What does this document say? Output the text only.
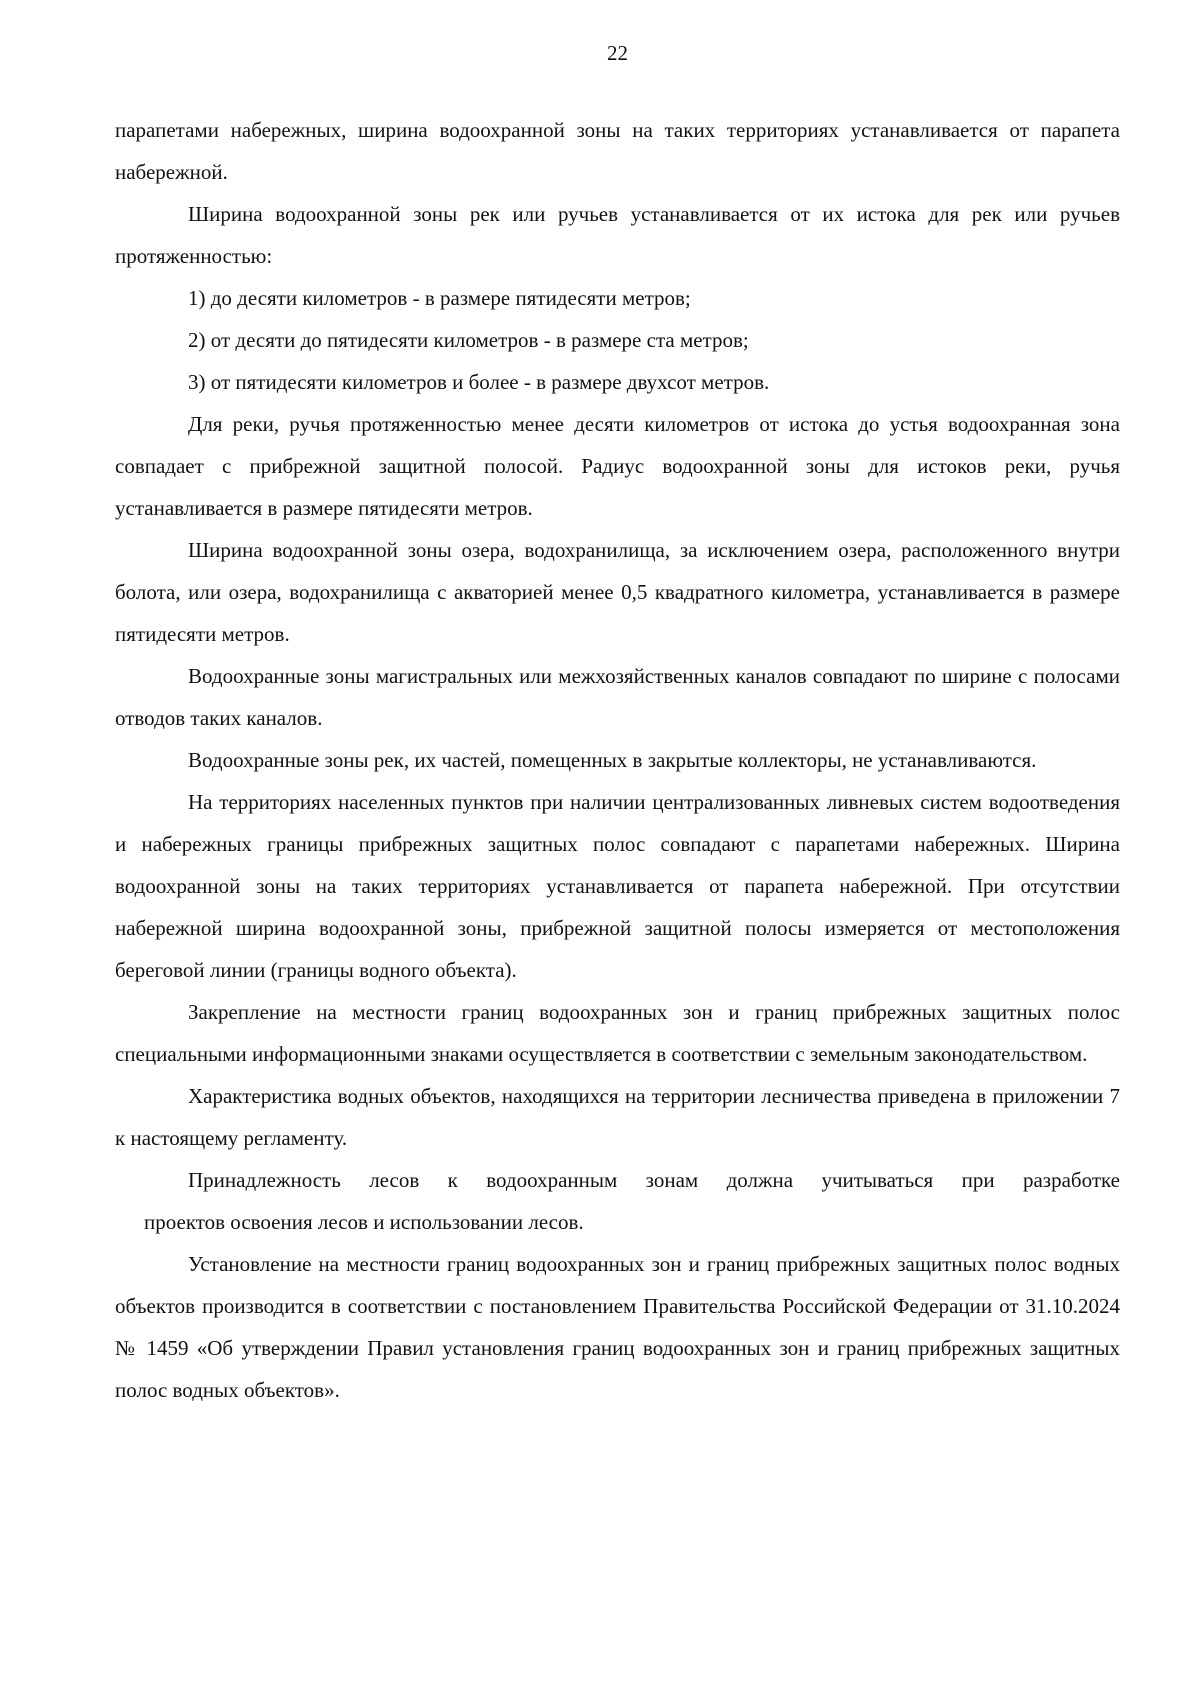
22

парапетами набережных, ширина водоохранной зоны на таких территориях устанавливается от парапета набережной.

Ширина водоохранной зоны рек или ручьев устанавливается от их истока для рек или ручьев протяженностью:

1) до десяти километров - в размере пятидесяти метров;

2) от десяти до пятидесяти километров - в размере ста метров;

3) от пятидесяти километров и более - в размере двухсот метров.

Для реки, ручья протяженностью менее десяти километров от истока до устья водоохранная зона совпадает с прибрежной защитной полосой. Радиус водоохранной зоны для истоков реки, ручья устанавливается в размере пятидесяти метров.

Ширина водоохранной зоны озера, водохранилища, за исключением озера, расположенного внутри болота, или озера, водохранилища с акваторией менее 0,5 квадратного километра, устанавливается в размере пятидесяти метров.

Водоохранные зоны магистральных или межхозяйственных каналов совпадают по ширине с полосами отводов таких каналов.

Водоохранные зоны рек, их частей, помещенных в закрытые коллекторы, не устанавливаются.

На территориях населенных пунктов при наличии централизованных ливневых систем водоотведения и набережных границы прибрежных защитных полос совпадают с парапетами набережных. Ширина водоохранной зоны на таких территориях устанавливается от парапета набережной. При отсутствии набережной ширина водоохранной зоны, прибрежной защитной полосы измеряется от местоположения береговой линии (границы водного объекта).

Закрепление на местности границ водоохранных зон и границ прибрежных защитных полос специальными информационными знаками осуществляется в соответствии с земельным законодательством.

Характеристика водных объектов, находящихся на территории лесничества приведена в приложении 7 к настоящему регламенту.

Принадлежность лесов к водоохранным зонам должна учитываться при разработке
проектов освоения лесов и использовании лесов.

Установление на местности границ водоохранных зон и границ прибрежных защитных полос водных объектов производится в соответствии с постановлением Правительства Российской Федерации от 31.10.2024 № 1459 «Об утверждении Правил установления границ водоохранных зон и границ прибрежных защитных полос водных объектов».
